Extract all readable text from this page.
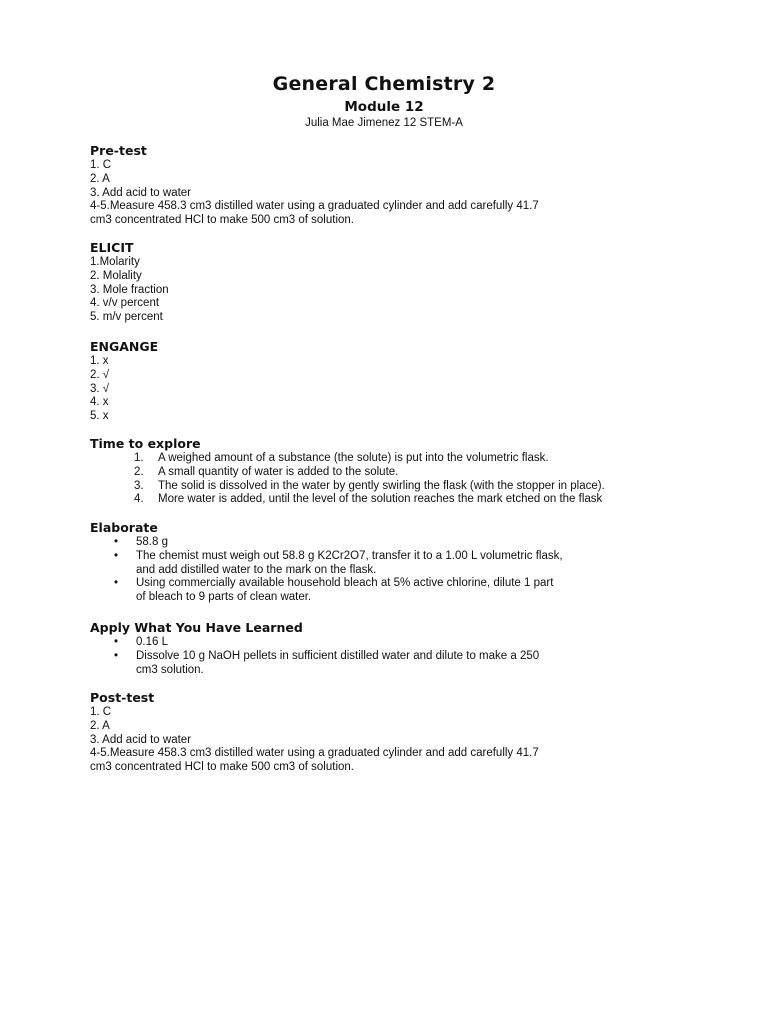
General Chemistry 2
Module 12
Julia Mae Jimenez 12 STEM-A
Pre-test
1. C
2. A
3. Add acid to water
4-5.Measure 458.3 cm3 distilled water using a graduated cylinder and add carefully 41.7
cm3 concentrated HCl to make 500 cm3 of solution.
ELICIT
1.Molarity
2. Molality
3. Mole fraction
4. v/v percent
5. m/v percent
ENGANGE
1. x
2. √
3. √
4. x
5. x
Time to explore
1. A weighed amount of a substance (the solute) is put into the volumetric flask.
2. A small quantity of water is added to the solute.
3. The solid is dissolved in the water by gently swirling the flask (with the stopper in place).
4. More water is added, until the level of the solution reaches the mark etched on the flask
Elaborate
• 58.8 g
• The chemist must weigh out 58.8 g K2Cr2O7, transfer it to a 1.00 L volumetric flask,
and add distilled water to the mark on the flask.
• Using commercially available household bleach at 5% active chlorine, dilute 1 part
of bleach to 9 parts of clean water.
Apply What You Have Learned
• 0.16 L
• Dissolve 10 g NaOH pellets in sufficient distilled water and dilute to make a 250
cm3 solution.
Post-test
1. C
2. A
3. Add acid to water
4-5.Measure 458.3 cm3 distilled water using a graduated cylinder and add carefully 41.7
cm3 concentrated HCl to make 500 cm3 of solution.
